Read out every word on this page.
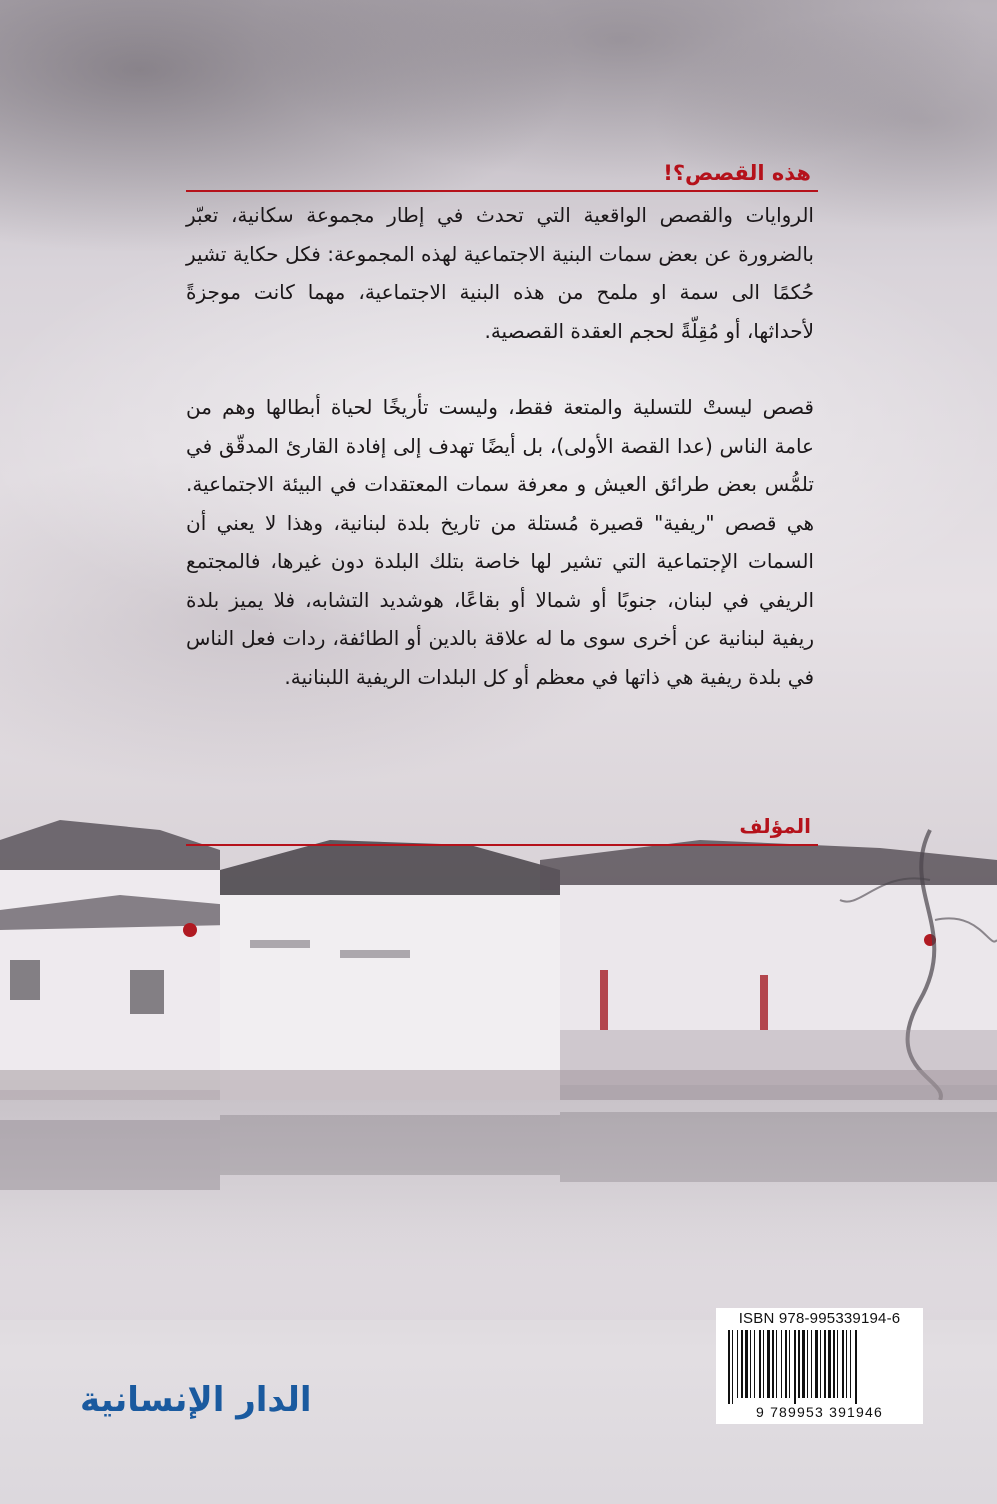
هذه القصص؟!
الروايات والقصص الواقعية التي تحدث في إطار مجموعة سكانية، تعبّر بالضرورة عن بعض سمات البنية الاجتماعية لهذه المجموعة: فكل حكاية تشير حُكمًا الى سمة او ملمح من هذه البنية الاجتماعية، مهما كانت موجزةً لأحداثها، أو مُقِلّةً لحجم العقدة القصصية.
قصص ليستْ للتسلية والمتعة فقط، وليست تأريخًا لحياة أبطالها وهم من عامة الناس (عدا القصة الأولى)، بل أيضًا تهدف إلى إفادة القارئ المدقّق في تلمُّس بعض طرائق العيش و معرفة سمات المعتقدات في البيئة الاجتماعية. هي قصص "ريفية" قصيرة مُستلة من تاريخ بلدة لبنانية، وهذا لا يعني أن السمات الإجتماعية التي تشير لها خاصة بتلك البلدة دون غيرها، فالمجتمع الريفي في لبنان، جنوبًا أو شمالا أو بقاعًا، هوشديد التشابه، فلا يميز بلدة ريفية لبنانية عن أخرى سوى ما له علاقة بالدين أو الطائفة، ردات فعل الناس في بلدة ريفية هي ذاتها في معظم أو كل البلدات الريفية اللبنانية.
المؤلف
ISBN 978-995339194-6
9 789953 391946
الدار الإنسانية
